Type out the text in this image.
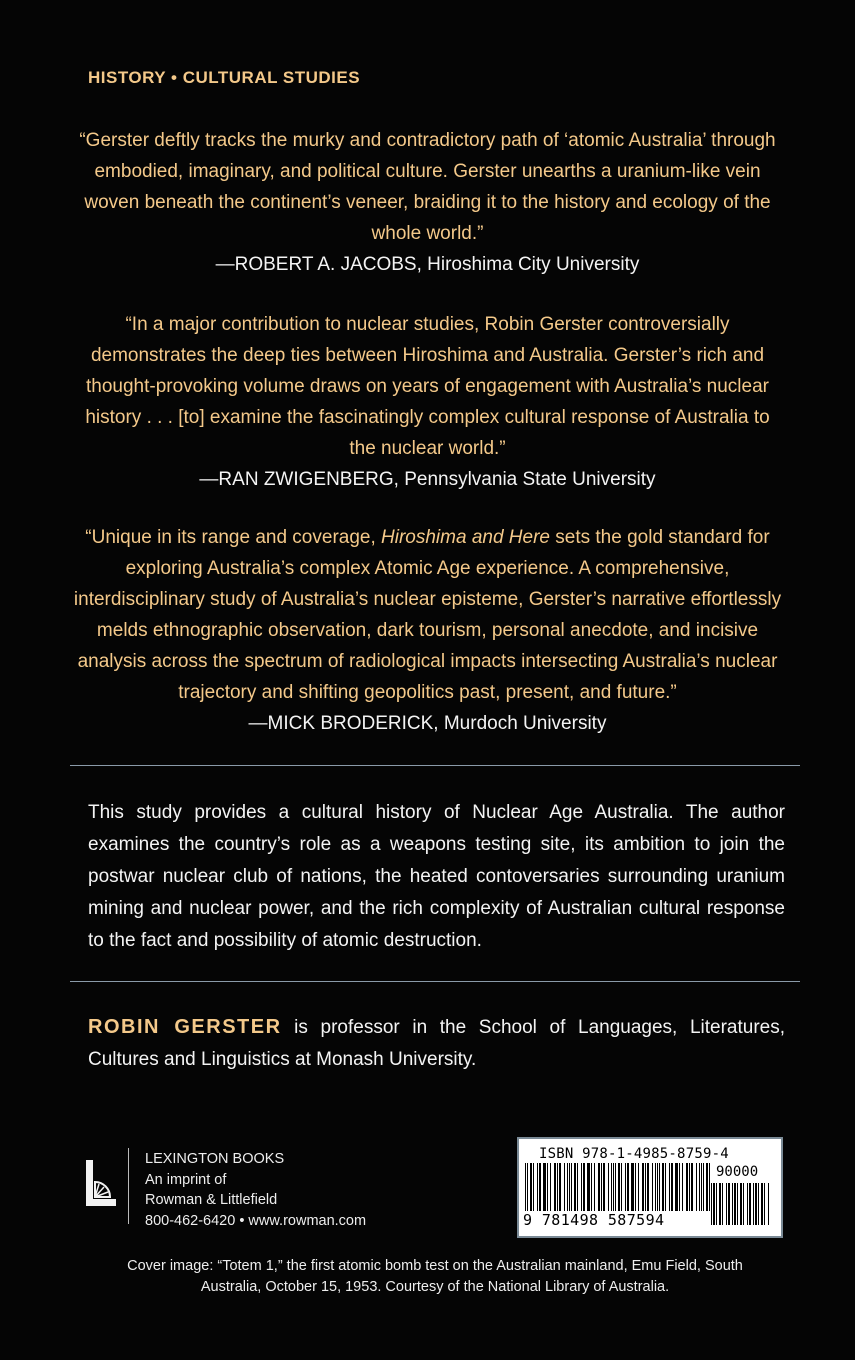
HISTORY • CULTURAL STUDIES
“Gerster deftly tracks the murky and contradictory path of ‘atomic Australia’ through embodied, imaginary, and political culture. Gerster unearths a uranium-like vein woven beneath the continent’s veneer, braiding it to the history and ecology of the whole world.”
—ROBERT A. JACOBS, Hiroshima City University
“In a major contribution to nuclear studies, Robin Gerster controversially demonstrates the deep ties between Hiroshima and Australia. Gerster’s rich and thought-provoking volume draws on years of engagement with Australia’s nuclear history . . . [to] examine the fascinatingly complex cultural response of Australia to the nuclear world.”
—RAN ZWIGENBERG, Pennsylvania State University
“Unique in its range and coverage, Hiroshima and Here sets the gold standard for exploring Australia’s complex Atomic Age experience. A comprehensive, interdisciplinary study of Australia’s nuclear episteme, Gerster’s narrative effortlessly melds ethnographic observation, dark tourism, personal anecdote, and incisive analysis across the spectrum of radiological impacts intersecting Australia’s nuclear trajectory and shifting geopolitics past, present, and future.”
—MICK BRODERICK, Murdoch University
This study provides a cultural history of Nuclear Age Australia. The author examines the country’s role as a weapons testing site, its ambition to join the postwar nuclear club of nations, the heated contoversaries surrounding uranium mining and nuclear power, and the rich complexity of Australian cultural response to the fact and possibility of atomic destruction.
ROBIN GERSTER is professor in the School of Languages, Literatures, Cultures and Linguistics at Monash University.
LEXINGTON BOOKS
An imprint of
Rowman & Littlefield
800-462-6420 • www.rowman.com
ISBN 978-1-4985-8759-4
90000
9 781498 587594
Cover image: “Totem 1,” the first atomic bomb test on the Australian mainland, Emu Field, South Australia, October 15, 1953. Courtesy of the National Library of Australia.
